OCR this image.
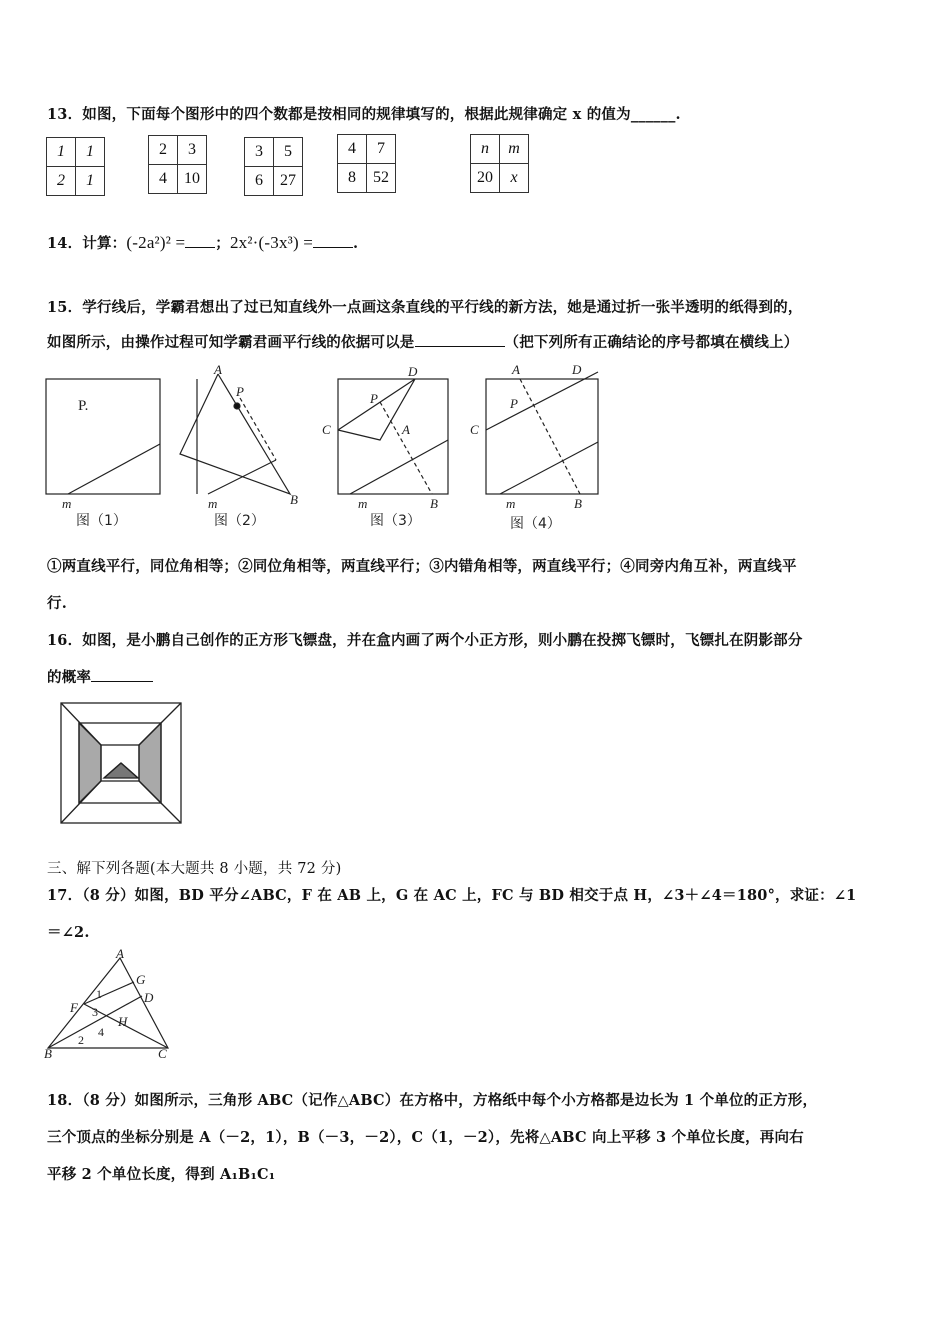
13．如图，下面每个图形中的四个数都是按相同的规律填写的，根据此规律确定 x 的值为______.
1	1
2	1
2	3
4	10
3	5
6	27
4	7
8	52
n	m
20	x
14．计算：(-2a²)² = ；2x²·(-3x³) =	.
15．学行线后，学霸君想出了过已知直线外一点画这条直线的平行线的新方法，她是通过折一张半透明的纸得到的，
如图所示，由操作过程可知学霸君画平行线的依据可以是	（把下列所有正确结论的序号都填在横线上）
P.
m
A
P
B
m
C
P
D
A
B
m
C
P
A	D
B
m
图（1）	图（2）	图（3）	图（4）
①两直线平行，同位角相等；②同位角相等，两直线平行；③内错角相等，两直线平行；④同旁内角互补，两直线平
行.
16．如图，是小鹏自己创作的正方形飞镖盘，并在盒内画了两个小正方形，则小鹏在投掷飞镖时，飞镖扎在阴影部分
的概率
三、解下列各题(本大题共 8 小题，共 72 分)
17．（8 分）如图，BD 平分∠ABC，F 在 AB 上，G 在 AC 上，FC 与 BD 相交于点 H，∠3＋∠4＝180°，求证：∠1
＝∠2.
A
G
D
F
H
B	C
1
2
3
4
18．（8 分）如图所示，三角形 ABC（记作△ABC）在方格中，方格纸中每个小方格都是边长为 1 个单位的正方形，
三个顶点的坐标分别是 A（－2，1），B（－3，－2），C（1，－2），先将△ABC 向上平移 3 个单位长度，再向右
平移 2 个单位长度，得到 A₁B₁C₁
